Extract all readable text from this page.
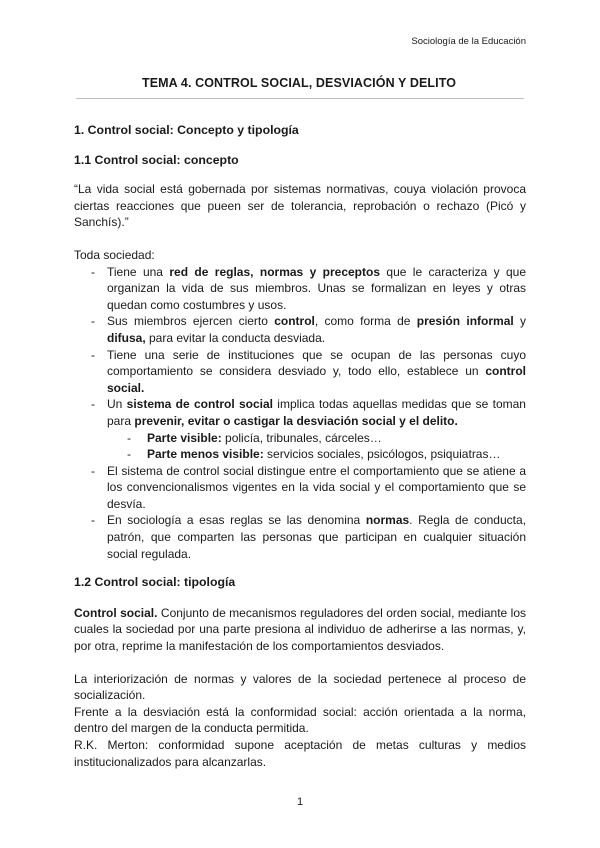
Sociología de la Educación
TEMA 4. CONTROL SOCIAL, DESVIACIÓN Y DELITO

1. Control social: Concepto y tipología

1.1 Control social: concepto

“La vida social está gobernada por sistemas normativas, couya violación provoca ciertas reacciones que pueen ser de tolerancia, reprobación o rechazo (Picó y Sanchís).”

Toda sociedad:

- Tiene una red de reglas, normas y preceptos que le caracteriza y que organizan la vida de sus miembros. Unas se formalizan en leyes y otras quedan como costumbres y usos.
- Sus miembros ejercen cierto control, como forma de presión informal y difusa, para evitar la conducta desviada.
- Tiene una serie de instituciones que se ocupan de las personas cuyo comportamiento se considera desviado y, todo ello, establece un control social.
- Un sistema de control social implica todas aquellas medidas que se toman para prevenir, evitar o castigar la desviación social y el delito.
- Parte visible: policía, tribunales, cárceles…
- Parte menos visible: servicios sociales, psicólogos, psiquiatras…
- El sistema de control social distingue entre el comportamiento que se atiene a los convencionalismos vigentes en la vida social y el comportamiento que se desvía.
- En sociología a esas reglas se las denomina normas. Regla de conducta, patrón, que comparten las personas que participan en cualquier situación social regulada.

1.2 Control social: tipología

Control social. Conjunto de mecanismos reguladores del orden social, mediante los cuales la sociedad por una parte presiona al individuo de adherirse a las normas, y, por otra, reprime la manifestación de los comportamientos desviados.

La interiorización de normas y valores de la sociedad pertenece al proceso de socialización.

Frente a la desviación está la conformidad social: acción orientada a la norma, dentro del margen de la conducta permitida.

R.K. Merton: conformidad supone aceptación de metas culturas y medios institucionalizados para alcanzarlas.

1
